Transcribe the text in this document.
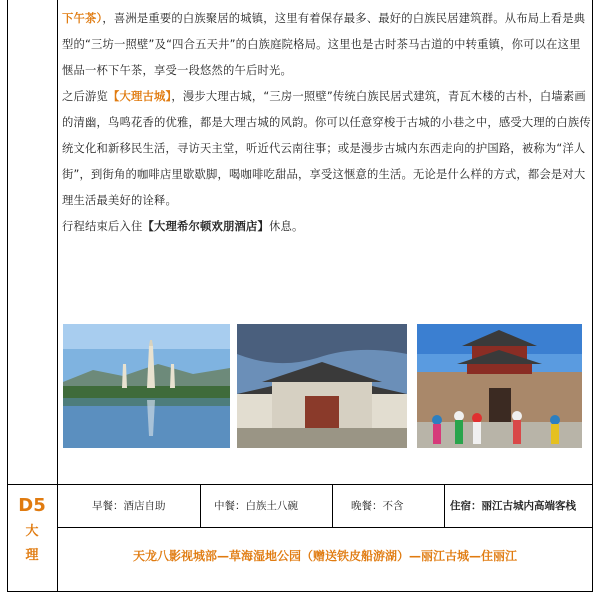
下午茶），喜洲是重要的白族聚居的城镇，这里有着保存最多、最好的白族民居建筑群。从布局上看是典型的“三坊一照壁”及“四合五天井”的白族庭院格局。这里也是古时茶马古道的中转重镇，你可以在这里惬品一杯下午茶，享受一段悠然的午后时光。

之后游览【大理古城】，漫步大理古城，“三房一照壁”传统白族民居式建筑，青瓦木楼的古朴，白墙素画的清幽，鸟鸣花香的优雅，都是大理古城的风韵。你可以任意穿梭于古城的小巷之中，感受大理的白族传统文化和新移民生活，寻访天主堂，听近代云南往事；或是漫步古城内东西走向的护国路，被称为“洋人街”，到街角的咖啡店里歇歇脚，喝咖啡吃甜品，享受这惬意的生活。无论是什么样的方式，都会是对大理生活最美好的诠释。

行程结束后入住【大理希尔顿欢朋酒店】休息。

D5
大
理
早餐：酒店自助	中餐：白族土八碗	晚餐：不含	住宿：丽江古城内高端客栈
天龙八影视城部—草海湿地公园（赠送铁皮船游湖）—丽江古城—住丽江
